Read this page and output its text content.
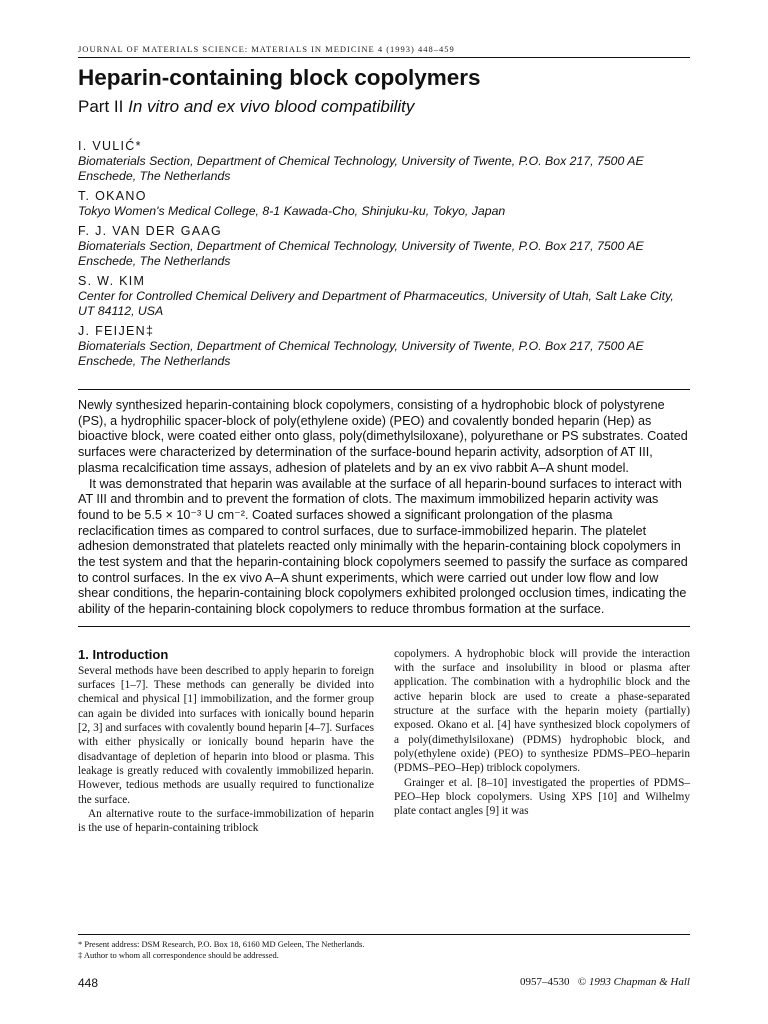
JOURNAL OF MATERIALS SCIENCE: MATERIALS IN MEDICINE 4 (1993) 448–459
Heparin-containing block copolymers
Part II In vitro and ex vivo blood compatibility
I. VULIĆ*
Biomaterials Section, Department of Chemical Technology, University of Twente, P.O. Box 217, 7500 AE Enschede, The Netherlands
T. OKANO
Tokyo Women's Medical College, 8-1 Kawada-Cho, Shinjuku-ku, Tokyo, Japan
F. J. VAN DER GAAG
Biomaterials Section, Department of Chemical Technology, University of Twente, P.O. Box 217, 7500 AE Enschede, The Netherlands
S. W. KIM
Center for Controlled Chemical Delivery and Department of Pharmaceutics, University of Utah, Salt Lake City, UT 84112, USA
J. FEIJEN‡
Biomaterials Section, Department of Chemical Technology, University of Twente, P.O. Box 217, 7500 AE Enschede, The Netherlands

Newly synthesized heparin-containing block copolymers, consisting of a hydrophobic block of polystyrene (PS), a hydrophilic spacer-block of poly(ethylene oxide) (PEO) and covalently bonded heparin (Hep) as bioactive block, were coated either onto glass, poly(dimethylsiloxane), polyurethane or PS substrates. Coated surfaces were characterized by determination of the surface-bound heparin activity, adsorption of AT III, plasma recalcification time assays, adhesion of platelets and by an ex vivo rabbit A–A shunt model.

It was demonstrated that heparin was available at the surface of all heparin-bound surfaces to interact with AT III and thrombin and to prevent the formation of clots. The maximum immobilized heparin activity was found to be 5.5 × 10⁻³ U cm⁻². Coated surfaces showed a significant prolongation of the plasma reclacification times as compared to control surfaces, due to surface-immobilized heparin. The platelet adhesion demonstrated that platelets reacted only minimally with the heparin-containing block copolymers in the test system and that the heparin-containing block copolymers seemed to passify the surface as compared to control surfaces. In the ex vivo A–A shunt experiments, which were carried out under low flow and low shear conditions, the heparin-containing block copolymers exhibited prolonged occlusion times, indicating the ability of the heparin-containing block copolymers to reduce thrombus formation at the surface.

1. Introduction

Several methods have been described to apply heparin to foreign surfaces [1–7]. These methods can generally be divided into chemical and physical [1] immobilization, and the former group can again be divided into surfaces with ionically bound heparin [2, 3] and surfaces with covalently bound heparin [4–7]. Surfaces with either physically or ionically bound heparin have the disadvantage of depletion of heparin into blood or plasma. This leakage is greatly reduced with covalently immobilized heparin. However, tedious methods are usually required to functionalize the surface.

An alternative route to the surface-immobilization of heparin is the use of heparin-containing triblock

copolymers. A hydrophobic block will provide the interaction with the surface and insolubility in blood or plasma after application. The combination with a hydrophilic block and the active heparin block are used to create a phase-separated structure at the surface with the heparin moiety (partially) exposed. Okano et al. [4] have synthesized block copolymers of a poly(dimethylsiloxane) (PDMS) hydrophobic block, and poly(ethylene oxide) (PEO) to synthesize PDMS–PEO–heparin (PDMS–PEO–Hep) triblock copolymers.

Grainger et al. [8–10] investigated the properties of PDMS–PEO–Hep block copolymers. Using XPS [10] and Wilhelmy plate contact angles [9] it was

* Present address: DSM Research, P.O. Box 18, 6160 MD Geleen, The Netherlands.
‡ Author to whom all correspondence should be addressed.
448	0957–4530 © 1993 Chapman & Hall
